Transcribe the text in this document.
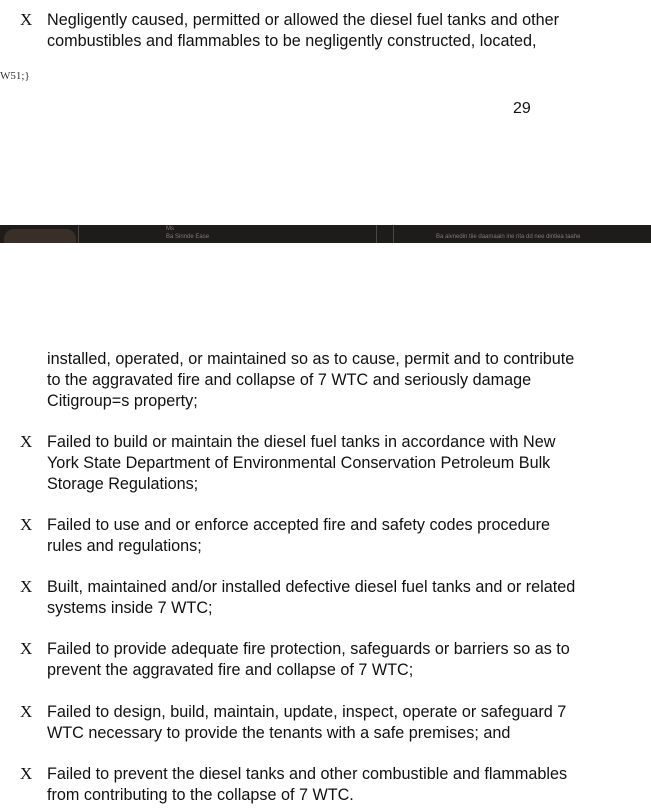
X Negligently caused, permitted or allowed the diesel fuel tanks and other
combustibles and flammables to be negligently constructed, located,
W51;}
29
Ms
Ba Sinnde Ease	Ba aivnedin tiie daamaain ine rita dd nee dintiea taahe
installed, operated, or maintained so as to cause, permit and to contribute
to the aggravated fire and collapse of 7 WTC and seriously damage
Citigroup=s property;
X Failed to build or maintain the diesel fuel tanks in accordance with New
York State Department of Environmental Conservation Petroleum Bulk
Storage Regulations;
X Failed to use and or enforce accepted fire and safety codes procedure
rules and regulations;
X Built, maintained and/or installed defective diesel fuel tanks and or related
systems inside 7 WTC;
X Failed to provide adequate fire protection, safeguards or barriers so as to
prevent the aggravated fire and collapse of 7 WTC;
X Failed to design, build, maintain, update, inspect, operate or safeguard 7
WTC necessary to provide the tenants with a safe premises; and
X Failed to prevent the diesel tanks and other combustible and flammables
from contributing to the collapse of 7 WTC.
